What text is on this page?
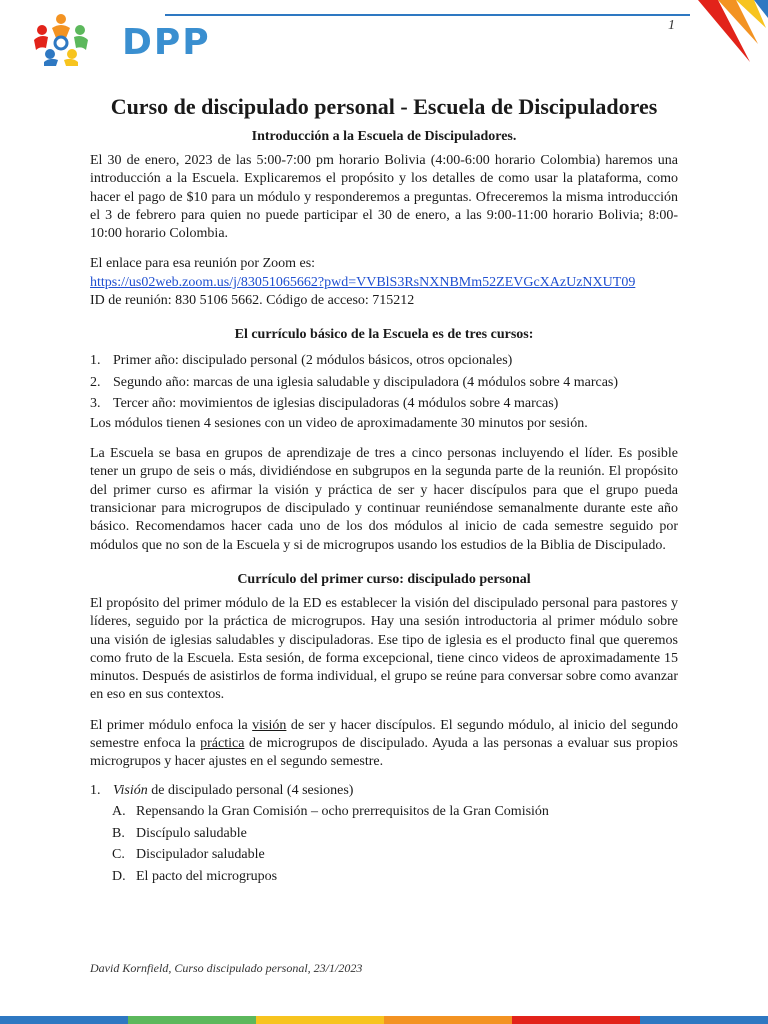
DPP	1
Curso de discipulado personal - Escuela de Discipuladores
Introducción a la Escuela de Discipuladores.

El 30 de enero, 2023 de las 5:00-7:00 pm horario Bolivia (4:00-6:00 horario Colombia) haremos una introducción a la Escuela. Explicaremos el propósito y los detalles de como usar la plataforma, como hacer el pago de $10 para un módulo y responderemos a preguntas. Ofreceremos la misma introducción el 3 de febrero para quien no puede participar el 30 de enero, a las 9:00-11:00 horario Bolivia; 8:00-10:00 horario Colombia.

El enlace para esa reunión por Zoom es:

https://us02web.zoom.us/j/83051065662?pwd=VVBlS3RsNXNBMm52ZEVGcXAzUzNXUT09

ID de reunión: 830 5106 5662. Código de acceso: 715212

El currículo básico de la Escuela es de tres cursos:
1. Primer año: discipulado personal (2 módulos básicos, otros opcionales)
2. Segundo año: marcas de una iglesia saludable y discipuladora (4 módulos sobre 4 marcas)
3. Tercer año: movimientos de iglesias discipuladoras (4 módulos sobre 4 marcas)

Los módulos tienen 4 sesiones con un video de aproximadamente 30 minutos por sesión.

La Escuela se basa en grupos de aprendizaje de tres a cinco personas incluyendo el líder. Es posible tener un grupo de seis o más, dividiéndose en subgrupos en la segunda parte de la reunión. El propósito del primer curso es afirmar la visión y práctica de ser y hacer discípulos para que el grupo pueda transicionar para microgrupos de discipulado y continuar reuniéndose semanalmente durante este año básico. Recomendamos hacer cada uno de los dos módulos al inicio de cada semestre seguido por módulos que no son de la Escuela y si de microgrupos usando los estudios de la Biblia de Discipulado.

Currículo del primer curso: discipulado personal

El propósito del primer módulo de la ED es establecer la visión del discipulado personal para pastores y líderes, seguido por la práctica de microgrupos. Hay una sesión introductoria al primer módulo sobre una visión de iglesias saludables y discipuladoras. Ese tipo de iglesia es el producto final que queremos como fruto de la Escuela. Esta sesión, de forma excepcional, tiene cinco videos de aproximadamente 15 minutos. Después de asistirlos de forma individual, el grupo se reúne para conversar sobre como avanzar en eso en sus contextos.

El primer módulo enfoca la visión de ser y hacer discípulos. El segundo módulo, al inicio del segundo semestre enfoca la práctica de microgrupos de discipulado. Ayuda a las personas a evaluar sus propios microgrupos y hacer ajustes en el segundo semestre.

1. Visión de discipulado personal (4 sesiones)
A. Repensando la Gran Comisión – ocho prerrequisitos de la Gran Comisión
B. Discípulo saludable
C. Discipulador saludable
D. El pacto del microgrupos
David Kornfield, Curso discipulado personal, 23/1/2023
